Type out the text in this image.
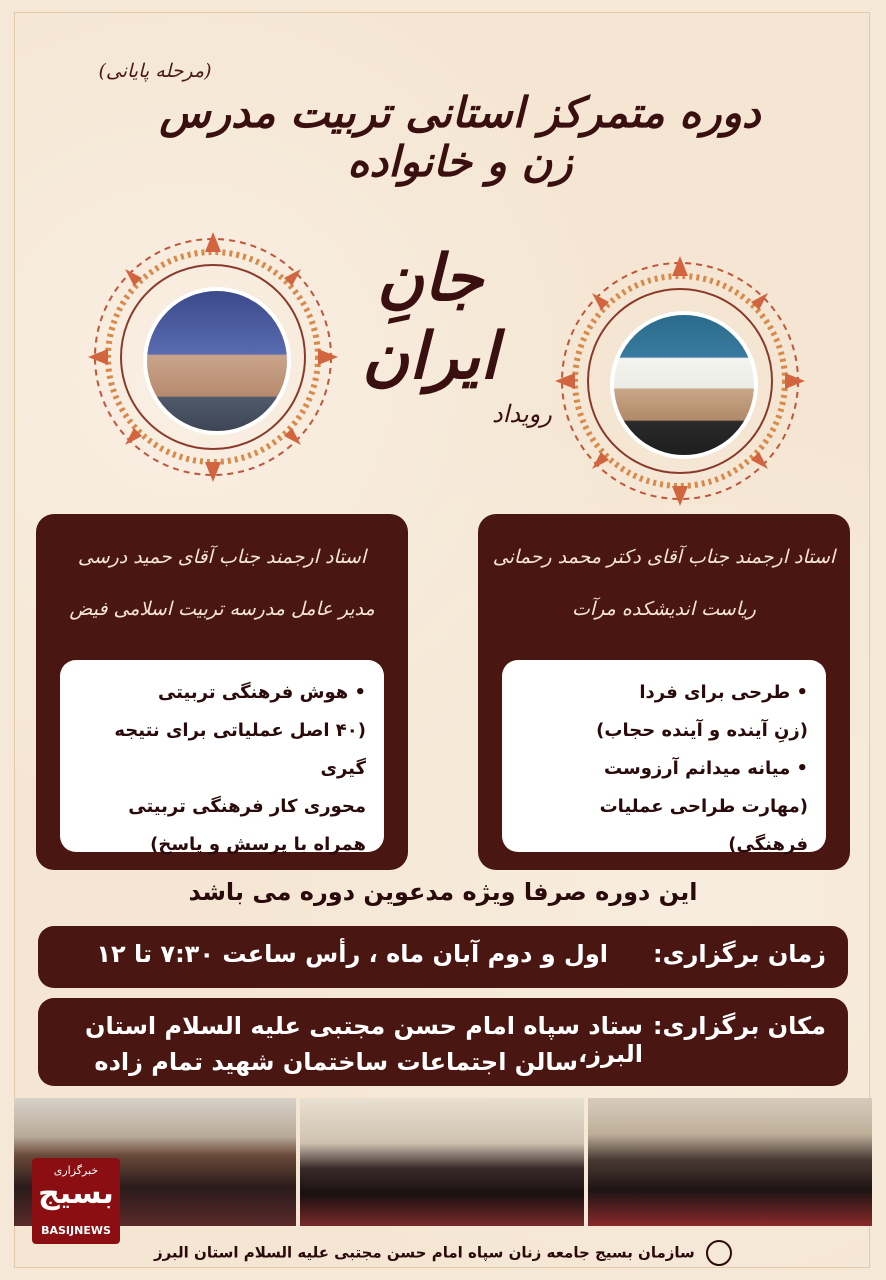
(مرحله پایانی)
دوره متمرکز استانی تربیت مدرس زن و خانواده
جانِ ایران
رویداد
استاد ارجمند جناب آقای دکتر محمد رحمانی
ریاست اندیشکده مرآت
• طرحی برای فردا
(زنِ آینده و آینده حجاب)
• میانه میدانم آرزوست
(مهارت طراحی عملیات فرهنگی)
استاد ارجمند جناب آقای حمید درسی
مدیر عامل مدرسه تربیت اسلامی فیض
• هوش فرهنگی تربیتی
(۴۰ اصل عملیاتی برای نتیجه گیری
محوری کار فرهنگی تربیتی
همراه با پرسش و پاسخ)
این دوره صرفا ویژه مدعوین دوره می باشد
زمان برگزاری:
اول و دوم آبان ماه ، رأس ساعت ۷:۳۰ تا ۱۲
مکان برگزاری:
ستاد سپاه امام حسن مجتبی علیه السلام استان البرز،
سالن اجتماعات ساختمان شهید تمام زاده
خبرگزاری
بسیج
BASIJNEWS
سازمان بسیج جامعه زنان سپاه امام حسن مجتبی علیه السلام استان البرز
